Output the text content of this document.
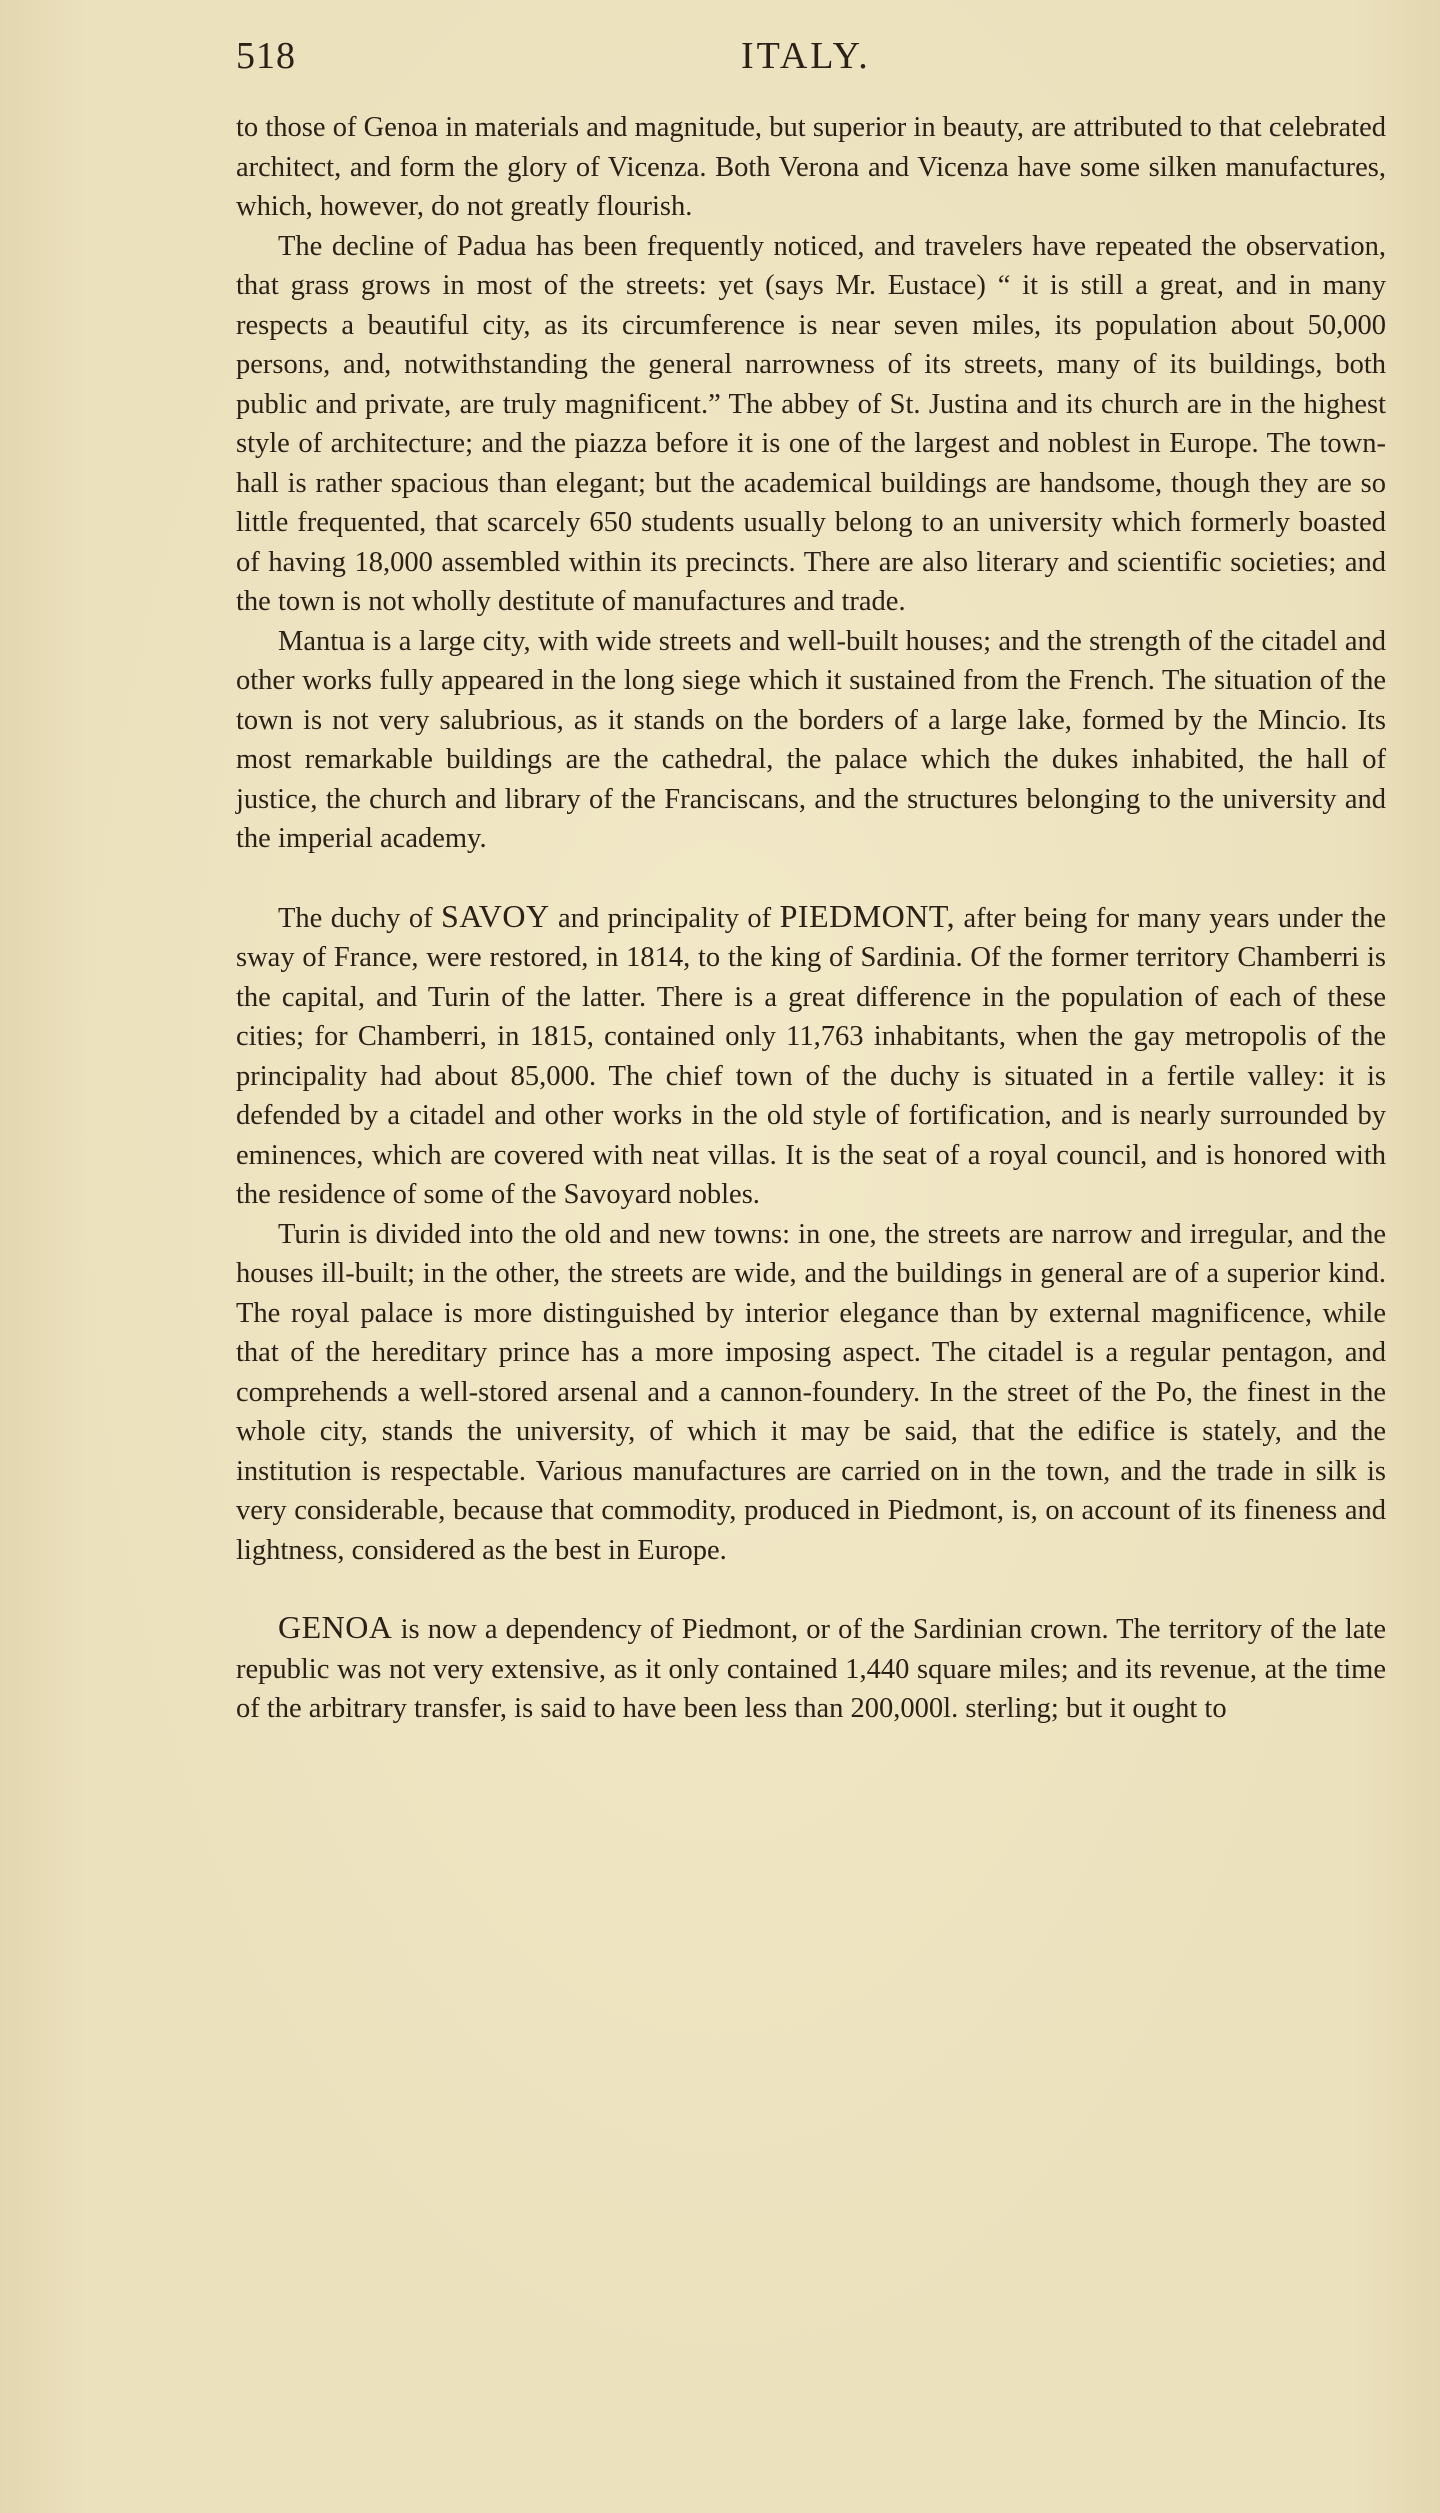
518	ITALY.

to those of Genoa in materials and magnitude, but superior in beauty, are attributed to that celebrated architect, and form the glory of Vicenza. Both Verona and Vicenza have some silken manufactures, which, however, do not greatly flourish.

The decline of Padua has been frequently noticed, and travelers have repeated the observation, that grass grows in most of the streets: yet (says Mr. Eustace) “ it is still a great, and in many respects a beautiful city, as its circumference is near seven miles, its population about 50,000 persons, and, notwithstanding the general narrowness of its streets, many of its buildings, both public and private, are truly magnificent.” The abbey of St. Justina and its church are in the highest style of architecture; and the piazza before it is one of the largest and noblest in Europe. The town-hall is rather spacious than elegant; but the academical buildings are handsome, though they are so little frequented, that scarcely 650 students usually belong to an university which formerly boasted of having 18,000 assembled within its precincts. There are also literary and scientific societies; and the town is not wholly destitute of manufactures and trade.

Mantua is a large city, with wide streets and well-built houses; and the strength of the citadel and other works fully appeared in the long siege which it sustained from the French. The situation of the town is not very salubrious, as it stands on the borders of a large lake, formed by the Mincio. Its most remarkable buildings are the cathedral, the palace which the dukes inhabited, the hall of justice, the church and library of the Franciscans, and the structures belonging to the university and the imperial academy.

The duchy of SAVOY and principality of PIEDMONT, after being for many years under the sway of France, were restored, in 1814, to the king of Sardinia. Of the former territory Chamberri is the capital, and Turin of the latter. There is a great difference in the population of each of these cities; for Chamberri, in 1815, contained only 11,763 inhabitants, when the gay metropolis of the principality had about 85,000. The chief town of the duchy is situated in a fertile valley: it is defended by a citadel and other works in the old style of fortification, and is nearly surrounded by eminences, which are covered with neat villas. It is the seat of a royal council, and is honored with the residence of some of the Savoyard nobles.

Turin is divided into the old and new towns: in one, the streets are narrow and irregular, and the houses ill-built; in the other, the streets are wide, and the buildings in general are of a superior kind. The royal palace is more distinguished by interior elegance than by external magnificence, while that of the hereditary prince has a more imposing aspect. The citadel is a regular pentagon, and comprehends a well-stored arsenal and a cannon-foundery. In the street of the Po, the finest in the whole city, stands the university, of which it may be said, that the edifice is stately, and the institution is respectable. Various manufactures are carried on in the town, and the trade in silk is very considerable, because that commodity, produced in Piedmont, is, on account of its fineness and lightness, considered as the best in Europe.

GENOA is now a dependency of Piedmont, or of the Sardinian crown. The territory of the late republic was not very extensive, as it only contained 1,440 square miles; and its revenue, at the time of the arbitrary transfer, is said to have been less than 200,000l. sterling; but it ought to
